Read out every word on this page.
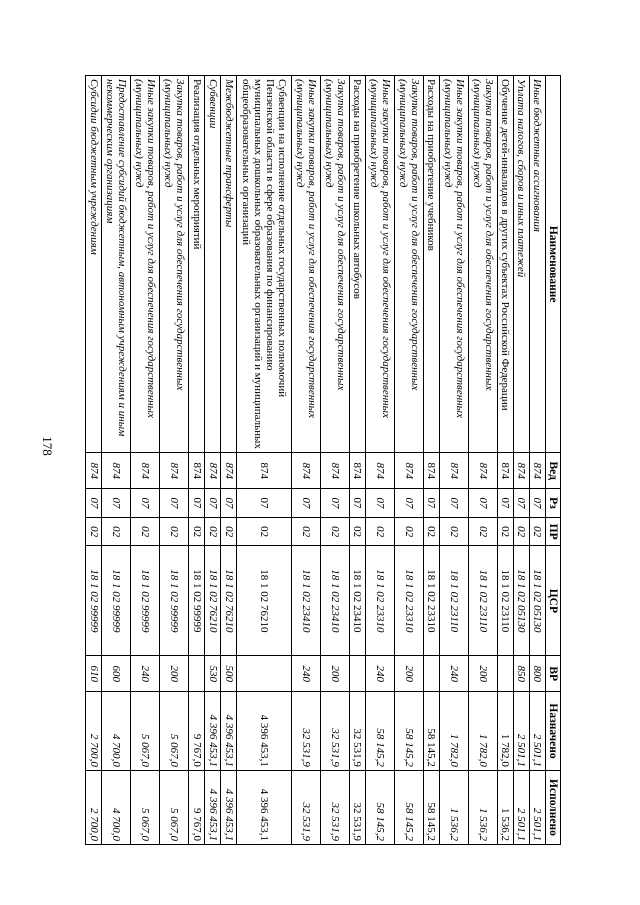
178
Наименование	Вед	Рз	ПР	ЦСР	ВР	Назначено	Исполнено
Иные бюджетные ассигнования	874	07	02	18 1 02 05130	800	2 501,1	2 501,1
Уплата налогов, сборов и иных платежей	874	07	02	18 1 02 05130	850	2 501,1	2 501,1
Обучение детей-инвалидов в других субъектах Российской Федерации	874	07	02	18 1 02 23110		1 782,0	1 536,2
Закупка товаров, работ и услуг для обеспечения государственных (муниципальных) нужд	874	07	02	18 1 02 23110	200	1 782,0	1 536,2
Иные закупки товаров, работ и услуг для обеспечения государственных (муниципальных) нужд	874	07	02	18 1 02 23110	240	1 782,0	1 536,2
Расходы на приобретение учебников	874	07	02	18 1 02 23310		58 145,2	58 145,2
Закупка товаров, работ и услуг для обеспечения государственных (муниципальных) нужд	874	07	02	18 1 02 23310	200	58 145,2	58 145,2
Иные закупки товаров, работ и услуг для обеспечения государственных (муниципальных) нужд	874	07	02	18 1 02 23310	240	58 145,2	58 145,2
Расходы на приобретение школьных автобусов	874	07	02	18 1 02 23410		32 531,9	32 531,9
Закупка товаров, работ и услуг для обеспечения государственных (муниципальных) нужд	874	07	02	18 1 02 23410	200	32 531,9	32 531,9
Иные закупки товаров, работ и услуг для обеспечения государственных (муниципальных) нужд	874	07	02	18 1 02 23410	240	32 531,9	32 531,9
Субвенции на исполнение отдельных государственных полномочий Пензенской области в сфере образования по финансированию муниципальных дошкольных образовательных организаций и муниципальных общеобразовательных организаций	874	07	02	18 1 02 76210		4 396 453,1	4 396 453,1
Межбюджетные трансферты	874	07	02	18 1 02 76210	500	4 396 453,1	4 396 453,1
Субвенции	874	07	02	18 1 02 76210	530	4 396 453,1	4 396 453,1
Реализация отдельных мероприятий	874	07	02	18 1 02 99999		9 767,0	9 767,0
Закупка товаров, работ и услуг для обеспечения государственных (муниципальных) нужд	874	07	02	18 1 02 99999	200	5 067,0	5 067,0
Иные закупки товаров, работ и услуг для обеспечения государственных (муниципальных) нужд	874	07	02	18 1 02 99999	240	5 067,0	5 067,0
Предоставление субсидий бюджетным, автономным учреждениям и иным некоммерческим организациям	874	07	02	18 1 02 99999	600	4 700,0	4 700,0
Субсидии бюджетным учреждениям	874	07	02	18 1 02 99999	610	2 700,0	2 700,0
